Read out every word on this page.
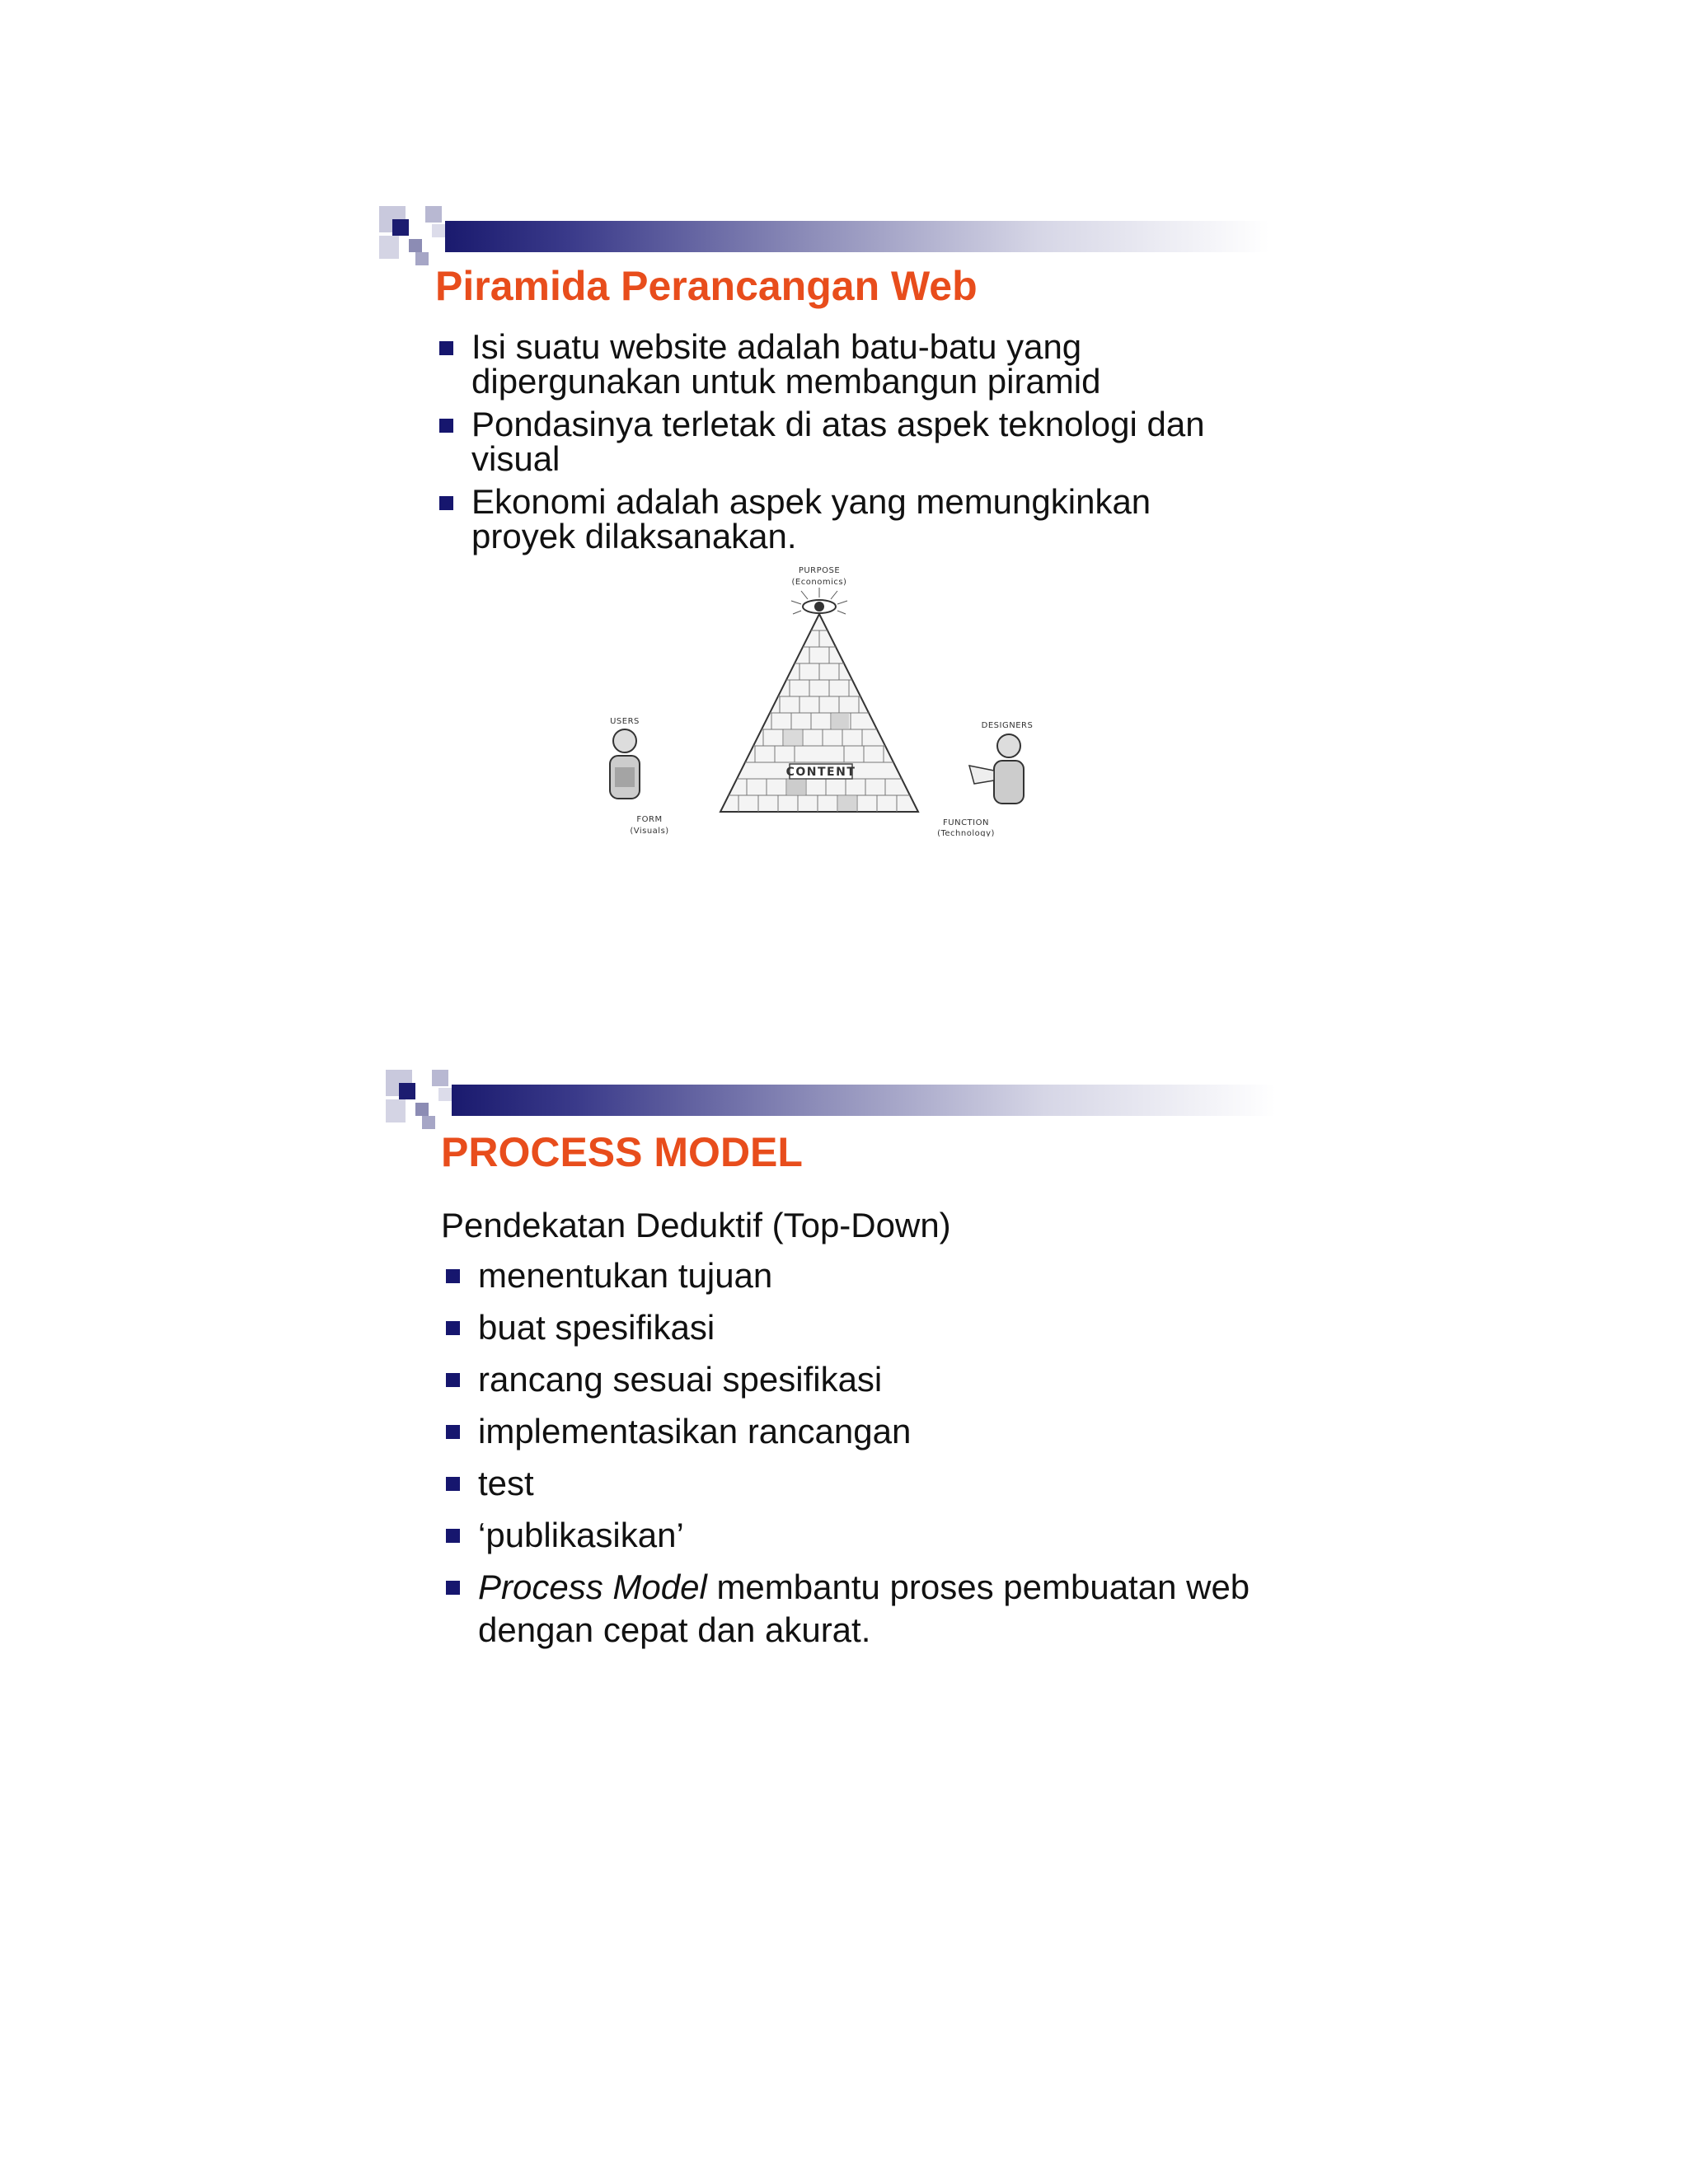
Piramida Perancangan Web
Isi suatu website adalah batu-batu yang dipergunakan untuk membangun piramid
Pondasinya terletak di atas aspek teknologi dan visual
Ekonomi adalah aspek yang memungkinkan proyek dilaksanakan.
PURPOSE
(Economics)
CONTENT
USERS	DESIGNERS
FORM
(Visuals)
FUNCTION
(Technology)
PROCESS MODEL
Pendekatan Deduktif (Top-Down)
menentukan tujuan
buat spesifikasi
rancang sesuai spesifikasi
implementasikan rancangan
test
‘publikasikan’
Process Model membantu proses pembuatan web dengan cepat dan akurat.
